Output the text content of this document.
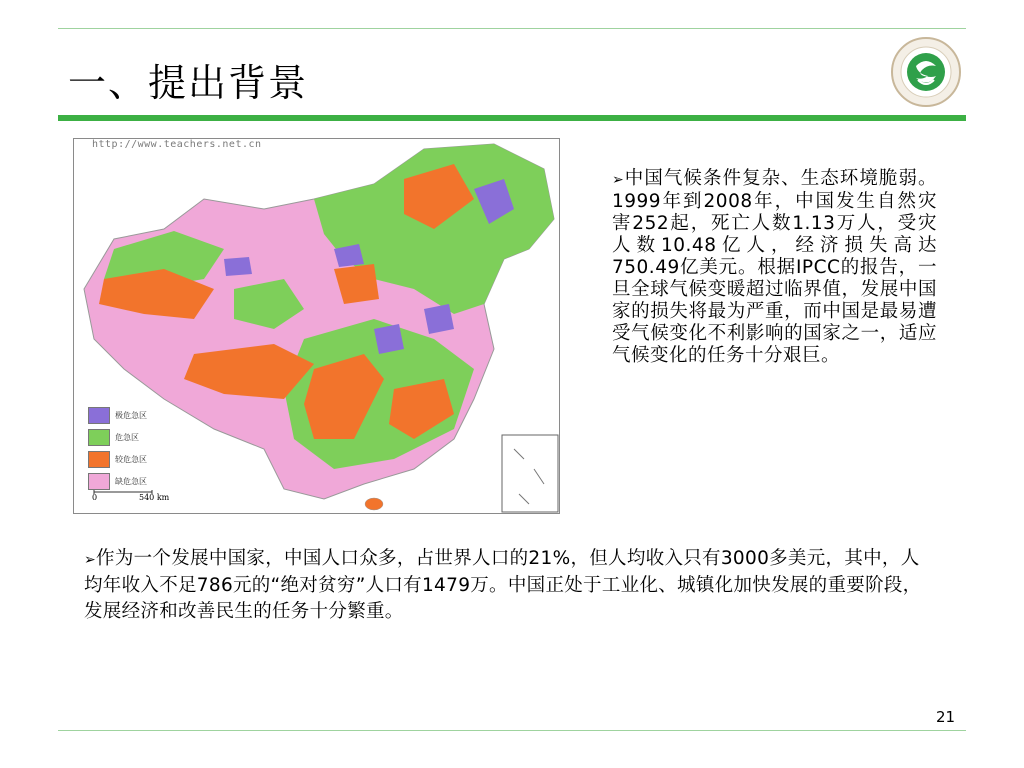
一、提出背景
http://www.teachers.net.cn
极危急区
危急区
较危急区
缺危急区
0	540 km
➢中国气候条件复杂、生态环境脆弱。1999年到2008年，中国发生自然灾害252起，死亡人数1.13万人，受灾人数10.48亿人，经济损失高达750.49亿美元。根据IPCC的报告，一旦全球气候变暖超过临界值，发展中国家的损失将最为严重，而中国是最易遭受气候变化不利影响的国家之一，适应气候变化的任务十分艰巨。
➢作为一个发展中国家，中国人口众多，占世界人口的21%，但人均收入只有3000多美元，其中，人均年收入不足786元的“绝对贫穷”人口有1479万。中国正处于工业化、城镇化加快发展的重要阶段，发展经济和改善民生的任务十分繁重。
21
